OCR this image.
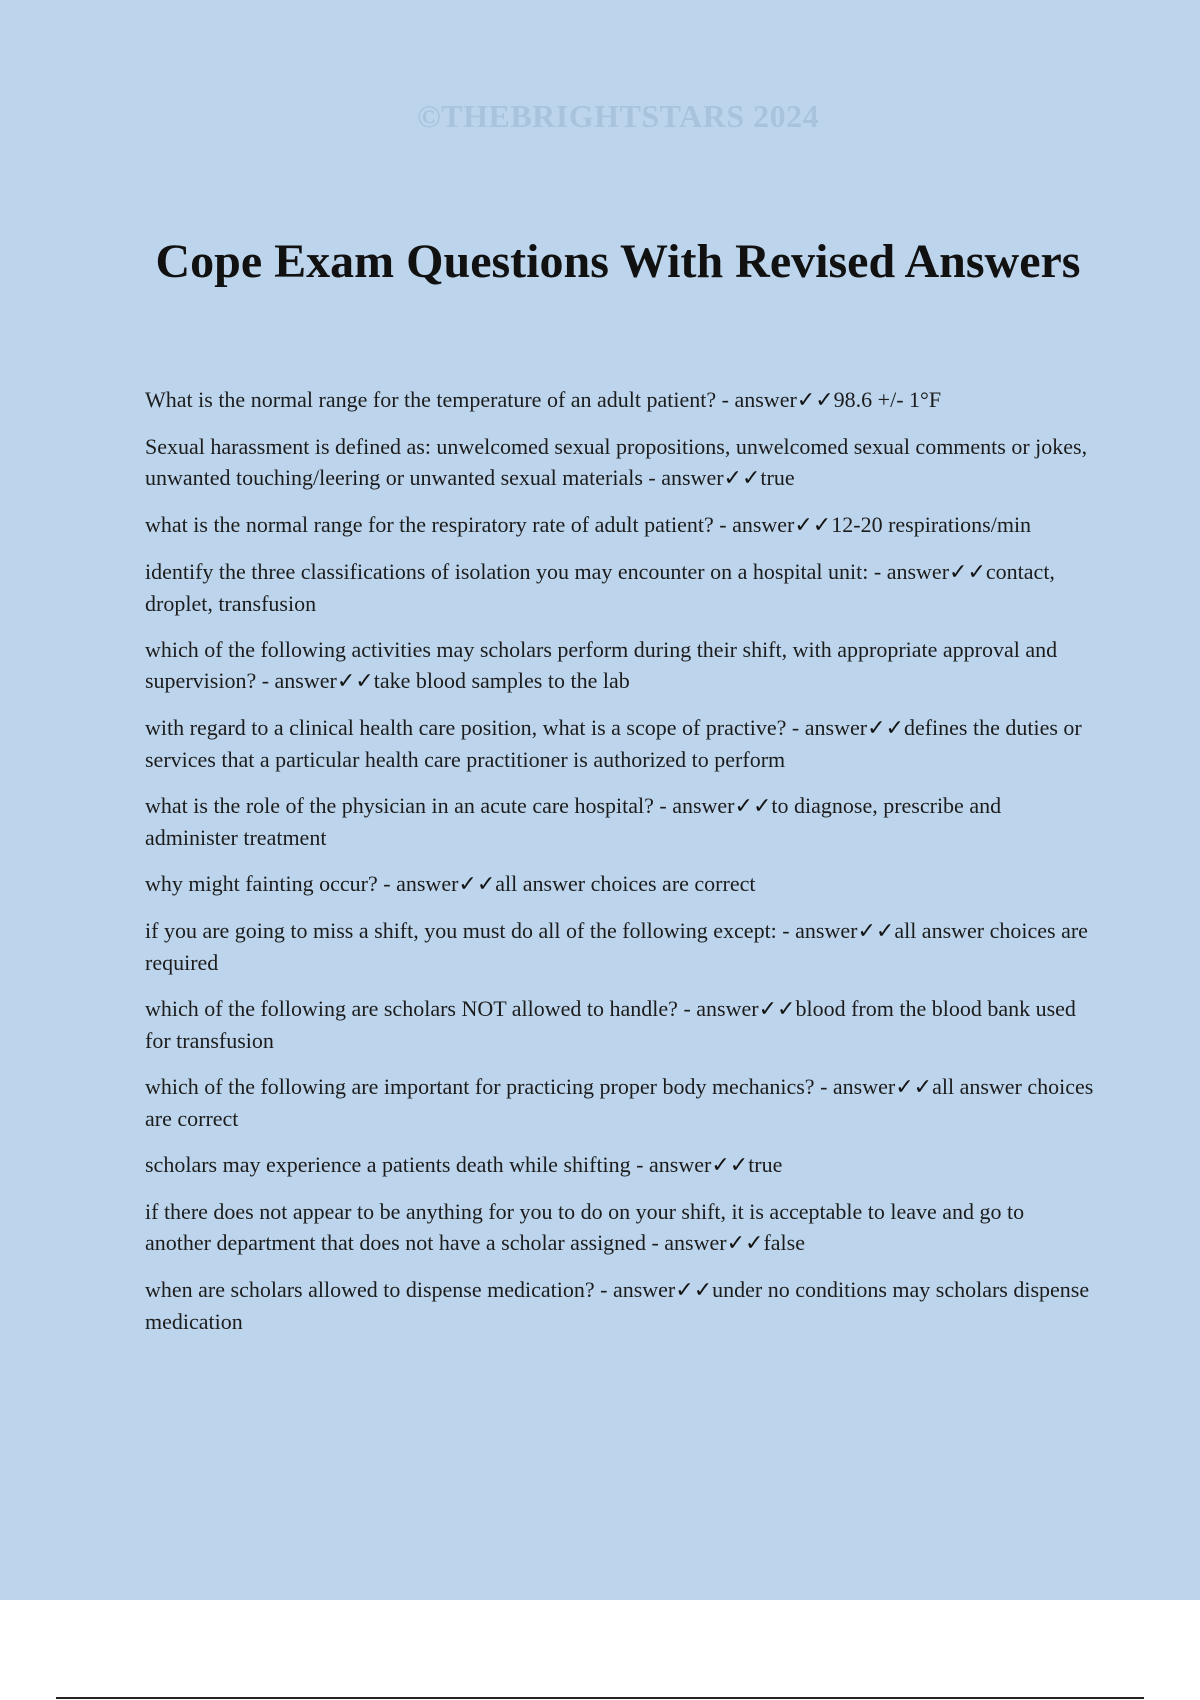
©THEBRIGHTSTARS 2024
Cope Exam Questions With Revised Answers
What is the normal range for the temperature of an adult patient? - answer✓✓98.6 +/- 1°F
Sexual harassment is defined as: unwelcomed sexual propositions, unwelcomed sexual comments or jokes, unwanted touching/leering or unwanted sexual materials - answer✓✓true
what is the normal range for the respiratory rate of adult patient? - answer✓✓12-20 respirations/min
identify the three classifications of isolation you may encounter on a hospital unit: - answer✓✓contact, droplet, transfusion
which of the following activities may scholars perform during their shift, with appropriate approval and supervision? - answer✓✓take blood samples to the lab
with regard to a clinical health care position, what is a scope of practive? - answer✓✓defines the duties or services that a particular health care practitioner is authorized to perform
what is the role of the physician in an acute care hospital? - answer✓✓to diagnose, prescribe and administer treatment
why might fainting occur? - answer✓✓all answer choices are correct
if you are going to miss a shift, you must do all of the following except: - answer✓✓all answer choices are required
which of the following are scholars NOT allowed to handle? - answer✓✓blood from the blood bank used for transfusion
which of the following are important for practicing proper body mechanics? - answer✓✓all answer choices are correct
scholars may experience a patients death while shifting - answer✓✓true
if there does not appear to be anything for you to do on your shift, it is acceptable to leave and go to another department that does not have a scholar assigned - answer✓✓false
when are scholars allowed to dispense medication? - answer✓✓under no conditions may scholars dispense medication
